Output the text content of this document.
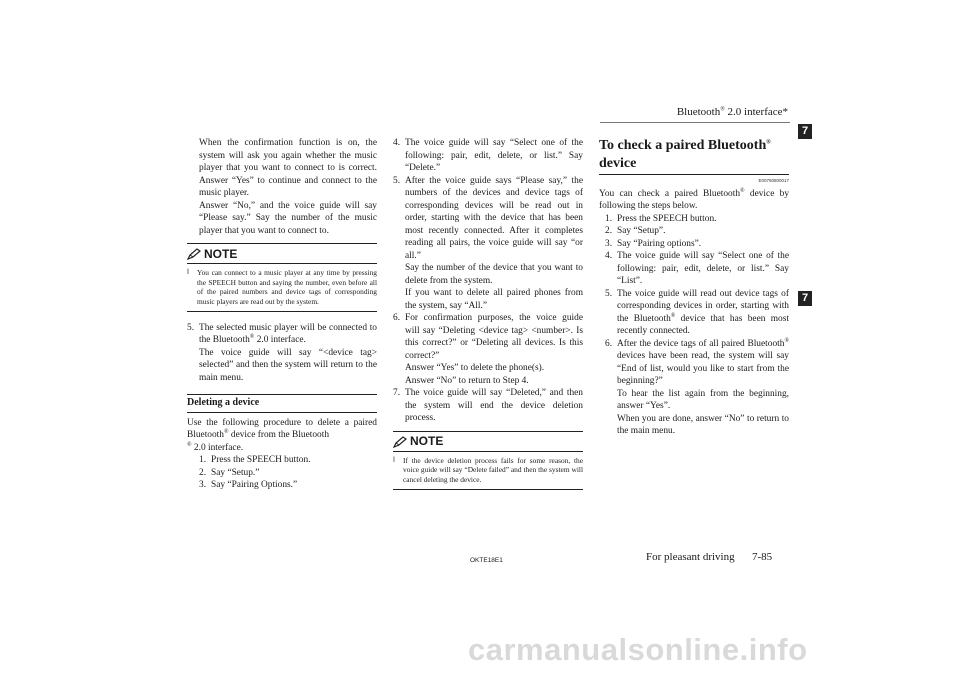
Bluetooth® 2.0 interface*
7
7

When the confirmation function is on, the system will ask you again whether the music player that you want to connect to is correct. Answer “Yes” to continue and connect to the music player.

Answer “No,” and the voice guide will say “Please say.” Say the number of the music player that you want to connect to.

NOTE
l	You can connect to a music player at any time by pressing the SPEECH button and saying the number, even before all of the paired numbers and device tags of corresponding music players are read out by the system.
5. The selected music player will be connected to the Bluetooth® 2.0 interface.

The voice guide will say “<device tag> selected” and then the system will return to the main menu.

Deleting a device

Use the following procedure to delete a paired Bluetooth® device from the Bluetooth
® 2.0 interface.

1. Press the SPEECH button.
2. Say “Setup.”
3. Say “Pairing Options.”
4. The voice guide will say “Select one of the following: pair, edit, delete, or list.” Say “Delete.”
5. After the voice guide says “Please say,” the numbers of the devices and device tags of corresponding devices will be read out in order, starting with the device that has been most recently connected. After it completes reading all pairs, the voice guide will say “or all.”

Say the number of the device that you want to delete from the system.

If you want to delete all paired phones from the system, say “All.”

6. For confirmation purposes, the voice guide will say “Deleting <device tag> <number>. Is this correct?” or “Deleting all devices. Is this correct?”

Answer “Yes” to delete the phone(s).

Answer “No” to return to Step 4.

7. The voice guide will say “Deleted,” and then the system will end the device deletion process.
NOTE
l	If the device deletion process fails for some reason, the voice guide will say “Delete failed” and then the system will cancel deleting the device.
To check a paired Bluetooth®
device
E00760800017

You can check a paired Bluetooth® device by following the steps below.

1. Press the SPEECH button.
2. Say “Setup”.
3. Say “Pairing options”.
4. The voice guide will say “Select one of the following: pair, edit, delete, or list.” Say “List”.
5. The voice guide will read out device tags of corresponding devices in order, starting with the Bluetooth® device that has been most recently connected.

6. After the device tags of all paired Bluetooth® devices have been read, the system will say “End of list, would you like to start from the beginning?”

To hear the list again from the beginning, answer “Yes”.

When you are done, answer “No” to return to the main menu.

OKTE18E1	For pleasant driving 7-85
carmanualsonline.info
